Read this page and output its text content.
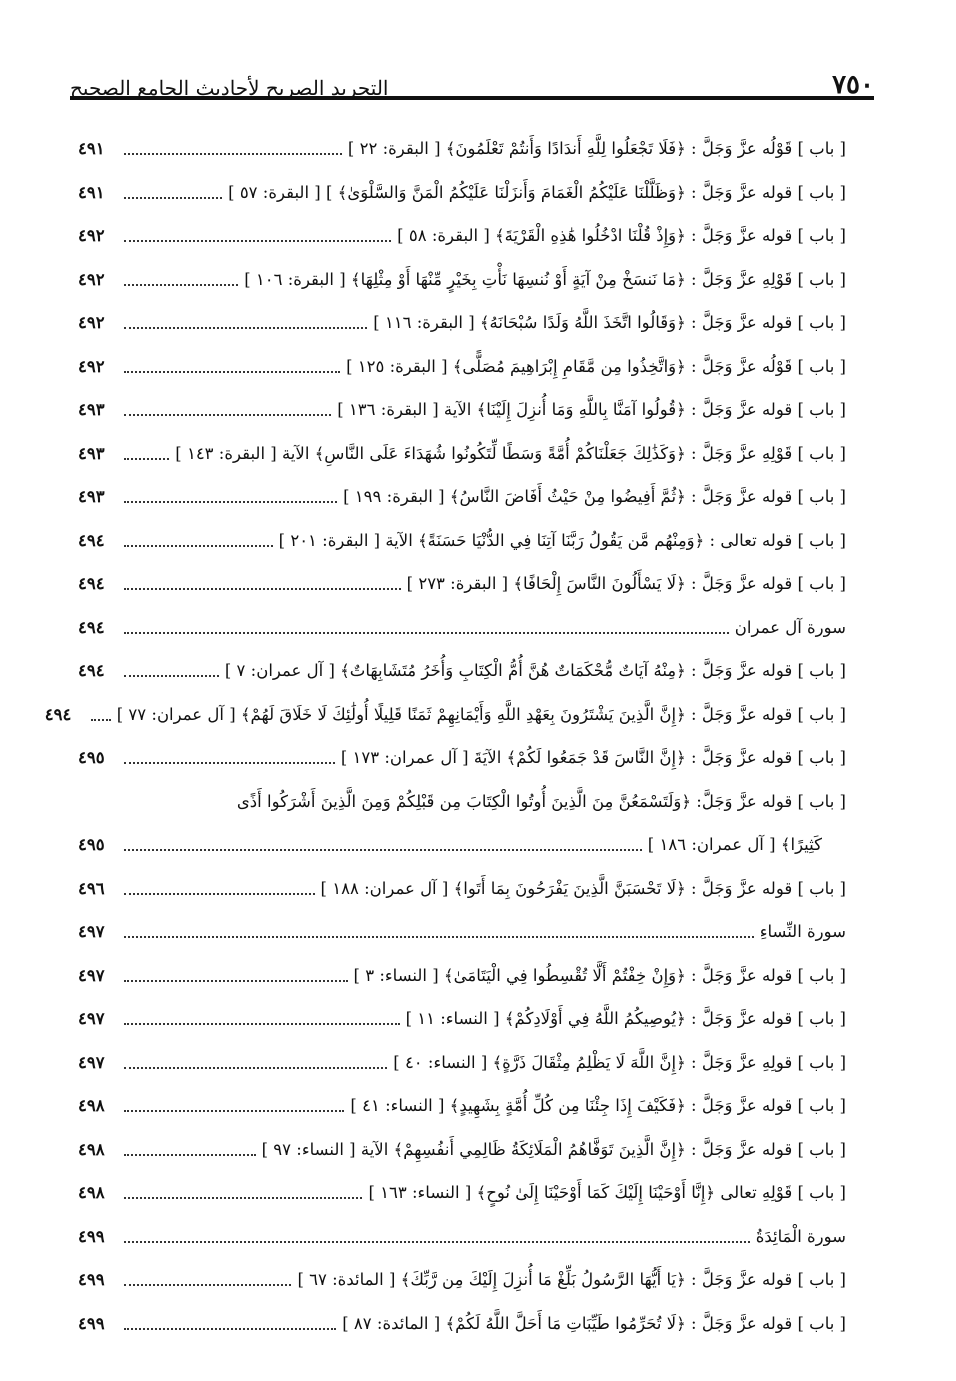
٧٥٠
التجريد الصريح لأحاديث الجامع الصحيح
[ باب ] قَوْلُه عزَّ وَجَلَّ : ﴿فَلَا تَجْعَلُوا لِلَّهِ أَندَادًا وَأَنتُمْ تَعْلَمُونَ﴾ [ البقرة: ٢٢ ]
٤٩١
[ باب ] قوله عزَّ وَجَلَّ : ﴿وَظَلَّلْنَا عَلَيْكُمُ الْغَمَامَ وَأَنزَلْنَا عَلَيْكُمُ الْمَنَّ وَالسَّلْوَىٰ﴾ ] [ البقرة: ٥٧ ]
٤٩١
[ باب ] قوله عزَّ وَجَلَّ : ﴿وَإِذْ قُلْنَا ادْخُلُوا هَٰذِهِ الْقَرْيَةَ﴾ [ البقرة: ٥٨ ]
٤٩٢
[ باب ] قَوْلِهِ عزَّ وَجَلَّ : ﴿مَا نَنسَخْ مِنْ آيَةٍ أَوْ نُنسِهَا نَأْتِ بِخَيْرٍ مِّنْهَا أَوْ مِثْلِهَا﴾ [ البقرة: ١٠٦ ]
٤٩٢
[ باب ] قوله عزَّ وَجَلَّ : ﴿وَقَالُوا اتَّخَذَ اللَّهُ وَلَدًا سُبْحَانَهُ﴾ [ البقرة: ١١٦ ]
٤٩٢
[ باب ] قَوْلُه عزَّ وَجَلَّ : ﴿وَاتَّخِذُوا مِن مَّقَامِ إِبْرَاهِيمَ مُصَلًّى﴾ [ البقرة: ١٢٥ ]
٤٩٢
[ باب ] قوله عزَّ وَجَلَّ : ﴿قُولُوا آمَنَّا بِاللَّهِ وَمَا أُنزِلَ إِلَيْنَا﴾ الآية [ البقرة: ١٣٦ ]
٤٩٣
[ باب ] قَوْلِهِ عزَّ وَجَلَّ : ﴿وَكَذَٰلِكَ جَعَلْنَاكُمْ أُمَّةً وَسَطًا لِّتَكُونُوا شُهَدَاءَ عَلَى النَّاسِ﴾ الآية [ البقرة: ١٤٣ ]
٤٩٣
[ باب ] قوله عزَّ وَجَلَّ : ﴿ثُمَّ أَفِيضُوا مِنْ حَيْثُ أَفَاضَ النَّاسُ﴾ [ البقرة: ١٩٩ ]
٤٩٣
[ باب ] قوله تعالى : ﴿وَمِنْهُم مَّن يَقُولُ رَبَّنَا آتِنَا فِي الدُّنْيَا حَسَنَةً﴾ الآية [ البقرة: ٢٠١ ]
٤٩٤
[ باب ] قوله عزَّ وَجَلَّ : ﴿لَا يَسْأَلُونَ النَّاسَ إِلْحَافًا﴾ [ البقرة: ٢٧٣ ]
٤٩٤
سورة آل عمران
٤٩٤
[ باب ] قوله عزَّ وَجَلَّ : ﴿مِنْهُ آيَاتٌ مُّحْكَمَاتٌ هُنَّ أُمُّ الْكِتَابِ وَأُخَرُ مُتَشَابِهَاتٌ﴾ [ آل عمران: ٧ ]
٤٩٤
[ باب ] قوله عزَّ وَجَلَّ : ﴿إِنَّ الَّذِينَ يَشْتَرُونَ بِعَهْدِ اللَّهِ وَأَيْمَانِهِمْ ثَمَنًا قَلِيلًا أُولَٰئِكَ لَا خَلَاقَ لَهُمْ﴾ [ آل عمران: ٧٧ ]
٤٩٤
[ باب ] قوله عزَّ وَجَلَّ : ﴿إِنَّ النَّاسَ قَدْ جَمَعُوا لَكُمْ﴾ الآيَةَ [ آل عمران: ١٧٣ ]
٤٩٥
[ باب ] قوله عزَّ وَجَلَّ: ﴿وَلَتَسْمَعُنَّ مِنَ الَّذِينَ أُوتُوا الْكِتَابَ مِن قَبْلِكُمْ وَمِنَ الَّذِينَ أَشْرَكُوا أَذًى
كَثِيرًا﴾ [ آل عمران: ١٨٦ ]
٤٩٥
[ باب ] قوله عزَّ وَجَلَّ : ﴿لَا تَحْسَبَنَّ الَّذِينَ يَفْرَحُونَ بِمَا أَتَوا﴾ [ آل عمران: ١٨٨ ]
٤٩٦
سورة النِّساءِ
٤٩٧
[ باب ] قوله عزَّ وَجَلَّ : ﴿وَإِنْ خِفْتُمْ أَلَّا تُقْسِطُوا فِي الْيَتَامَىٰ﴾ [ النساء: ٣ ]
٤٩٧
[ باب ] قوله عزَّ وَجَلَّ : ﴿يُوصِيكُمُ اللَّهُ فِي أَوْلَادِكُمْ﴾ [ النساء: ١١ ]
٤٩٧
[ باب ] قولِهِ عزَّ وَجَلَّ : ﴿إِنَّ اللَّهَ لَا يَظْلِمُ مِثْقَالَ ذَرَّةٍ﴾ [ النساء: ٤٠ ]
٤٩٧
[ باب ] قوله عزَّ وَجَلَّ : ﴿فَكَيْفَ إِذَا جِئْنَا مِن كُلِّ أُمَّةٍ بِشَهِيدٍ﴾ [ النساء: ٤١ ]
٤٩٨
[ باب ] قوله عزَّ وَجَلَّ : ﴿إِنَّ الَّذِينَ تَوَفَّاهُمُ الْمَلَائِكَةُ ظَالِمِي أَنفُسِهِمْ﴾ الآية [ النساء: ٩٧ ]
٤٩٨
[ باب ] قَوْلِهِ تعالى ﴿إِنَّا أَوْحَيْنَا إِلَيْكَ كَمَا أَوْحَيْنَا إِلَىٰ نُوحٍ﴾ [ النساء: ١٦٣ ]
٤٩٨
سورة الْمَائِدَةُ
٤٩٩
[ باب ] قوله عزَّ وَجَلَّ : ﴿يَا أَيُّهَا الرَّسُولُ بَلِّغْ مَا أُنزِلَ إِلَيْكَ مِن رَّبِّكَ﴾ [ المائدة: ٦٧ ]
٤٩٩
[ باب ] قوله عزَّ وَجَلَّ : ﴿لَا تُحَرِّمُوا طَيِّبَاتِ مَا أَحَلَّ اللَّهُ لَكُمْ﴾ [ المائدة: ٨٧ ]
٤٩٩
